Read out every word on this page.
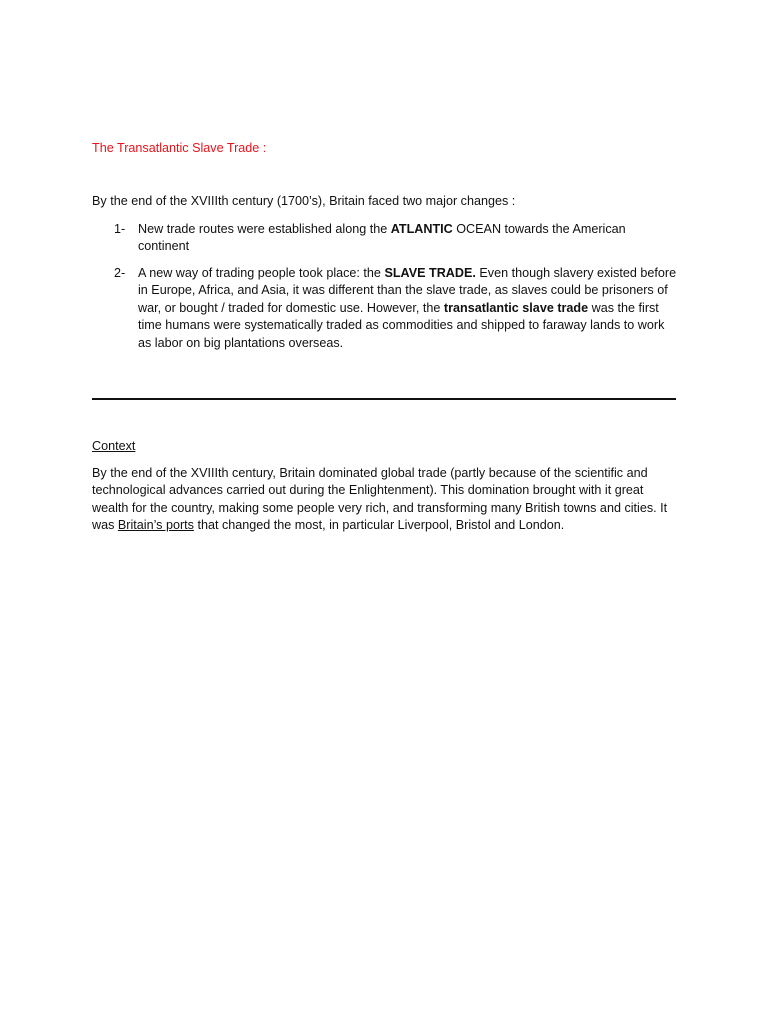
The Transatlantic Slave Trade :

By the end of the XVIIIth century (1700’s), Britain faced two major changes :

1- New trade routes were established along the ATLANTIC OCEAN towards the American continent
2- A new way of trading people took place: the SLAVE TRADE. Even though slavery existed before in Europe, Africa, and Asia, it was different than the slave trade, as slaves could be prisoners of war, or bought / traded for domestic use. However, the transatlantic slave trade was the first time humans were systematically traded as commodities and shipped to faraway lands to work as labor on big plantations overseas.

Context

By the end of the XVIIIth century, Britain dominated global trade (partly because of the scientific and technological advances carried out during the Enlightenment). This domination brought with it great wealth for the country, making some people very rich, and transforming many British towns and cities. It was Britain’s ports that changed the most, in particular Liverpool, Bristol and London.
